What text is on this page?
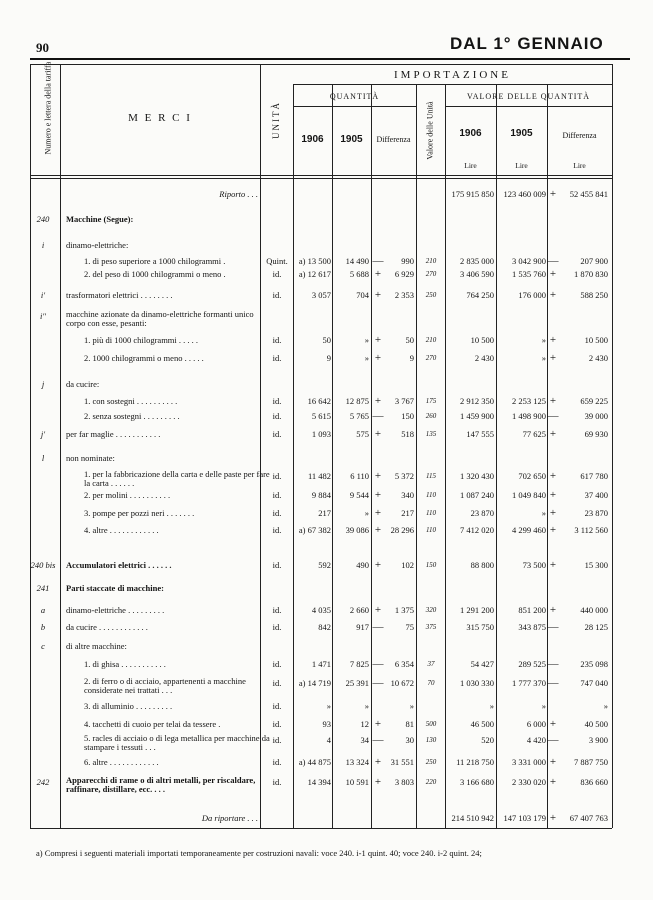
90	DAL 1° GENNAIO
Numero e lettera della tariffa	M E R C I	UNITÀ
IMPORTAZIONE
QUANTITÀ
Valore delle Unità
VALORE DELLE QUANTITÀ
1906	1905	Differenza
1906	1905	Differenza
Lire	Lire	Lire
Riporto . . .	175 915 850	123 460 009 +	52 455 841
240	Macchine (Segue):
i	dinamo-elettriche:
1. di peso superiore a 1000 chilogrammi .	Quint.	a) 13 500	14 490 —	990	210	2 835 000	3 042 900 —	207 900
2. del peso di 1000 chilogrammi o meno .	id.	a) 12 617	5 688 +	6 929	270	3 406 590	1 535 760 +	1 870 830
i'	trasformatori elettrici . . . . . . . .	id.	3 057	704 +	2 353	250	764 250	176 000 +	588 250
i''	macchine azionate da dinamo-elettriche formanti unico corpo con esse, pesanti:
1. più di 1000 chilogrammi . . . . .	id.	50	» +	50	210	10 500	» +	10 500
2. 1000 chilogrammi o meno . . . . .	id.	9	» +	9	270	2 430	» +	2 430
j	da cucire:
1. con sostegni . . . . . . . . . .	id.	16 642	12 875 +	3 767	175	2 912 350	2 253 125 +	659 225
2. senza sostegni . . . . . . . . .	id.	5 615	5 765 —	150	260	1 459 900	1 498 900 —	39 000
j'	per far maglie . . . . . . . . . . .	id.	1 093	575 +	518	135	147 555	77 625 +	69 930
l	non nominate:
1. per la fabbricazione della carta e delle paste per fare la carta . . . . . .
id.	11 482	6 110 +	5 372	115	1 320 430	702 650 +	617 780
2. per molini . . . . . . . . . .	id.	9 884	9 544 +	340	110	1 087 240	1 049 840 +	37 400
3. pompe per pozzi neri . . . . . . .	id.	217	» +	217	110	23 870	» +	23 870
4. altre . . . . . . . . . . . .	id.	a) 67 382	39 086 +	28 296	110	7 412 020	4 299 460 +	3 112 560
240 bis Accumulatori elettrici . . . . . .	id.	592	490 +	102	150	88 800	73 500 +	15 300
241	Parti staccate di macchine:
a	dinamo-elettriche . . . . . . . . .	id.	4 035	2 660 +	1 375	320	1 291 200	851 200 +	440 000
b	da cucire . . . . . . . . . . . .	id.	842	917 —	75	375	315 750	343 875 —	28 125
c	di altre macchine:
1. di ghisa . . . . . . . . . . .	id.	1 471	7 825 —	6 354	37	54 427	289 525 —	235 098
2. di ferro o di acciaio, appartenenti a macchine considerate nei trattati . . .
id.	a) 14 719	25 391 — 10 672	70	1 030 330	1 777 370 —	747 040
3. di alluminio . . . . . . . . .	id.	»	»	»	»	»	»
4. tacchetti di cuoio per telai da tessere .	id.	93	12 +	81	500	46 500	6 000 +	40 500
5. racles di acciaio o di lega metallica per macchine da stampare i tessuti . . .
id.	4	34 —	30	130	520	4 420 —	3 900
6. altre . . . . . . . . . . . .	id.	a) 44 875	13 324 +	31 551	250	11 218 750	3 331 000 +	7 887 750
242	Apparecchi di rame o di altri metalli, per riscaldare, raffinare, distillare, ecc. . . .
id.	14 394	10 591 +	3 803	220	3 166 680	2 330 020 +	836 660
Da riportare . . .	214 510 942	147 103 179 +	67 407 763
a) Compresi i seguenti materiali importati temporaneamente per costruzioni navali: voce 240. i-1 quint. 40; voce 240. i-2 quint. 24;
